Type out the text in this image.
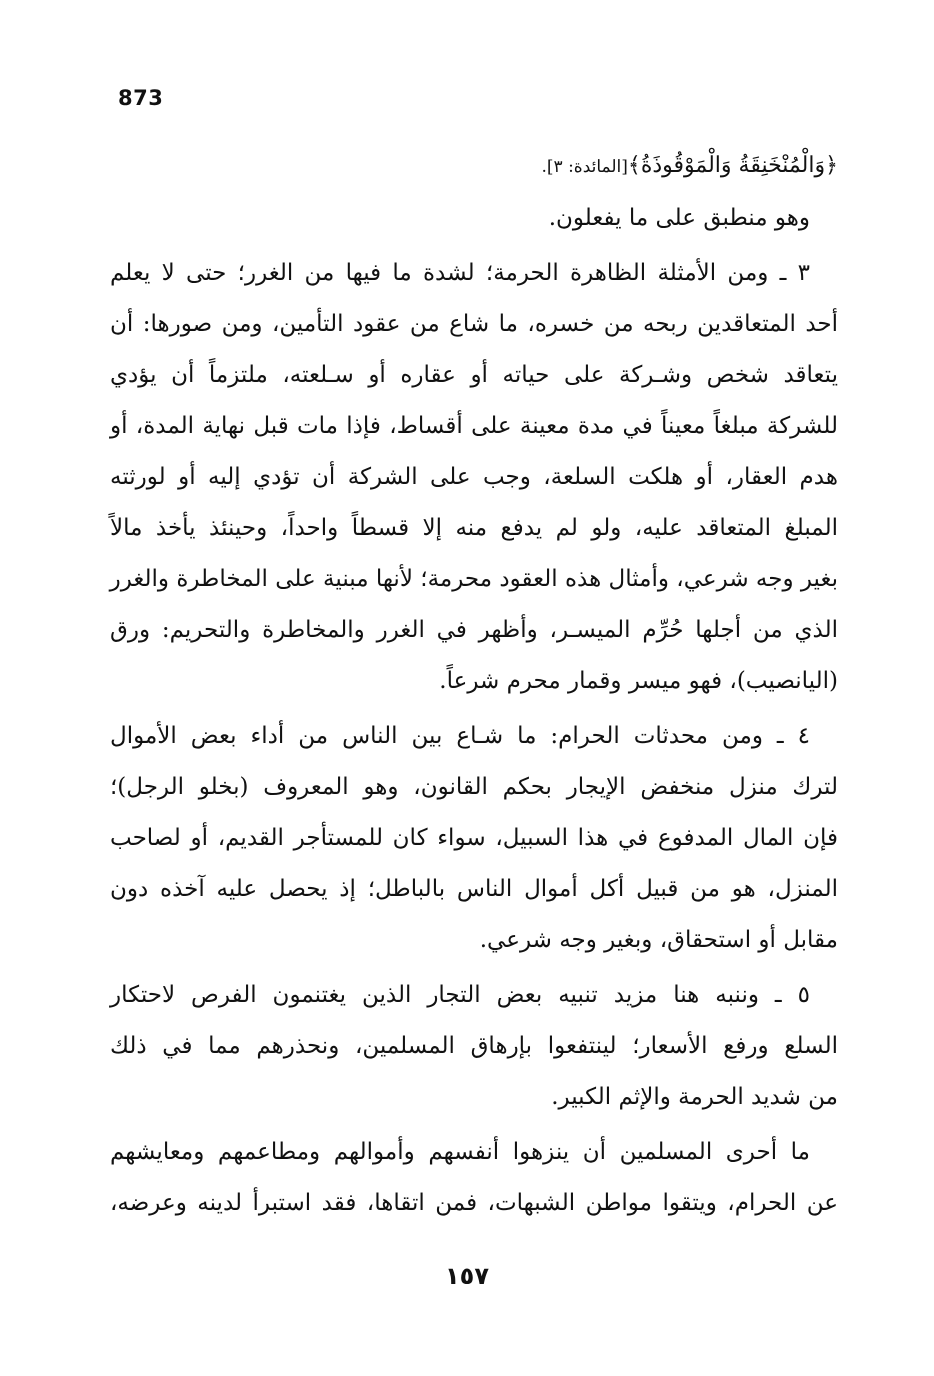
873
﴿وَالْمُنْخَنِقَةُ وَالْمَوْقُوذَةُ﴾[المائدة: ٣].
وهو منطبق على ما يفعلون.
٣ ـ ومن الأمثلة الظاهرة الحرمة؛ لشدة ما فيها من الغرر؛ حتى لا يعلم
أحد المتعاقدين ربحه من خسره، ما شاع من عقود التأمين، ومن صورها: أن
يتعاقد شخص وشـركة على حياته أو عقاره أو سـلعته، ملتزماً أن يؤدي
للشركة مبلغاً معيناً في مدة معينة على أقساط، فإذا مات قبل نهاية المدة، أو
هدم العقار، أو هلكت السلعة، وجب على الشركة أن تؤدي إليه أو لورثته
المبلغ المتعاقد عليه، ولو لم يدفع منه إلا قسطاً واحداً، وحينئذ يأخذ مالاً
بغير وجه شرعي، وأمثال هذه العقود محرمة؛ لأنها مبنية على المخاطرة والغرر
الذي من أجلها حُرِّم الميسـر، وأظهر في الغرر والمخاطرة والتحريم: ورق
(اليانصيب)، فهو ميسر وقمار محرم شرعاً.
٤ ـ ومن محدثات الحرام: ما شـاع بين الناس من أداء بعض الأموال
لترك منزل منخفض الإيجار بحكم القانون، وهو المعروف (بخلو الرجل)؛
فإن المال المدفوع في هذا السبيل، سواء كان للمستأجر القديم، أو لصاحب
المنزل، هو من قبيل أكل أموال الناس بالباطل؛ إذ يحصل عليه آخذه دون
مقابل أو استحقاق، وبغير وجه شرعي.
٥ ـ وننبه هنا مزيد تنبيه بعض التجار الذين يغتنمون الفرص لاحتكار
السلع ورفع الأسعار؛ لينتفعوا بإرهاق المسلمين، ونحذرهم مما في ذلك
من شديد الحرمة والإثم الكبير.
ما أحرى المسلمين أن ينزهوا أنفسهم وأموالهم ومطاعمهم ومعايشهم
عن الحرام، ويتقوا مواطن الشبهات، فمن اتقاها، فقد استبرأ لدينه وعرضه،
١٥٧
